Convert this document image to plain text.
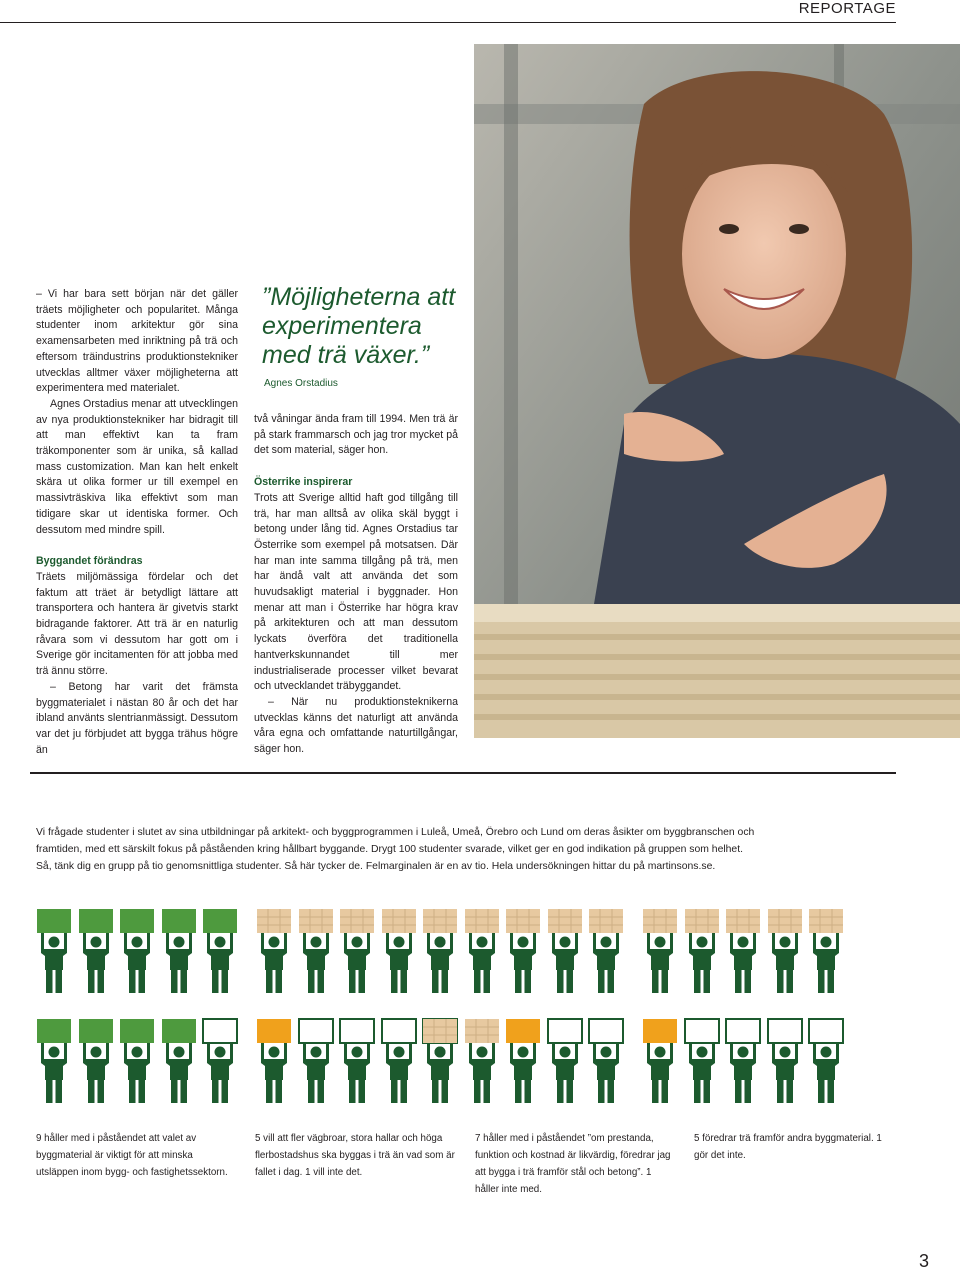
REPORTAGE

– Vi har bara sett början när det gäller träets möjligheter och popularitet. Många studenter inom arkitektur gör sina examensarbeten med inriktning på trä och eftersom träindustrins produktionstekniker utvecklas alltmer växer möjligheterna att experimentera med materialet.

Agnes Orstadius menar att utvecklingen av nya produktionstekniker har bidragit till att man effektivt kan ta fram träkomponenter som är unika, så kallad mass customization. Man kan helt enkelt skära ut olika former ur till exempel en massivträskiva lika effektivt som man tidigare skar ut identiska former. Och dessutom med mindre spill.

Byggandet förändras

Träets miljömässiga fördelar och det faktum att träet är betydligt lättare att transportera och hantera är givetvis starkt bidragande faktorer. Att trä är en naturlig råvara som vi dessutom har gott om i Sverige gör incitamenten för att jobba med trä ännu större.

– Betong har varit det främsta byggmaterialet i nästan 80 år och det har ibland använts slentrianmässigt. Dessutom var det ju förbjudet att bygga trähus högre än

”Möjligheterna att experimentera med trä växer.”
Agnes Orstadius

två våningar ända fram till 1994. Men trä är på stark frammarsch och jag tror mycket på det som material, säger hon.

Österrike inspirerar

Trots att Sverige alltid haft god tillgång till trä, har man alltså av olika skäl byggt i betong under lång tid. Agnes Orstadius tar Österrike som exempel på motsatsen. Där har man inte samma tillgång på trä, men har ändå valt att använda det som huvudsakligt material i byggnader. Hon menar att man i Österrike har högra krav på arkitekturen och att man dessutom lyckats överföra det traditionella hantverkskunnandet till mer industrialiserade processer vilket bevarat och utvecklandet träbyggandet.

– När nu produktionsteknikerna utvecklas känns det naturligt att använda våra egna och omfattande naturtillgångar, säger hon.

Vi frågade studenter i slutet av sina utbildningar på arkitekt- och byggprogrammen i Luleå, Umeå, Örebro och Lund om deras åsikter om byggbranschen och
framtiden, med ett särskilt fokus på påståenden kring hållbart byggande. Drygt 100 studenter svarade, vilket ger en god indikation på gruppen som helhet.
Så, tänk dig en grupp på tio genomsnittliga studenter. Så här tycker de. Felmarginalen är en av tio. Hela undersökningen hittar du på martinsons.se.
9 håller med i påståendet att valet av byggmaterial är viktigt för att minska utsläppen inom bygg- och fastighetssektorn.
5 vill att fler vägbroar, stora hallar och höga flerbostadshus ska byggas i trä än vad som är fallet i dag. 1 vill inte det.
7 håller med i påståendet ”om prestanda, funktion och kostnad är likvärdig, föredrar jag att bygga i trä framför stål och betong”. 1 håller inte med.
5 föredrar trä framför andra byggmaterial. 1 gör det inte.
3
